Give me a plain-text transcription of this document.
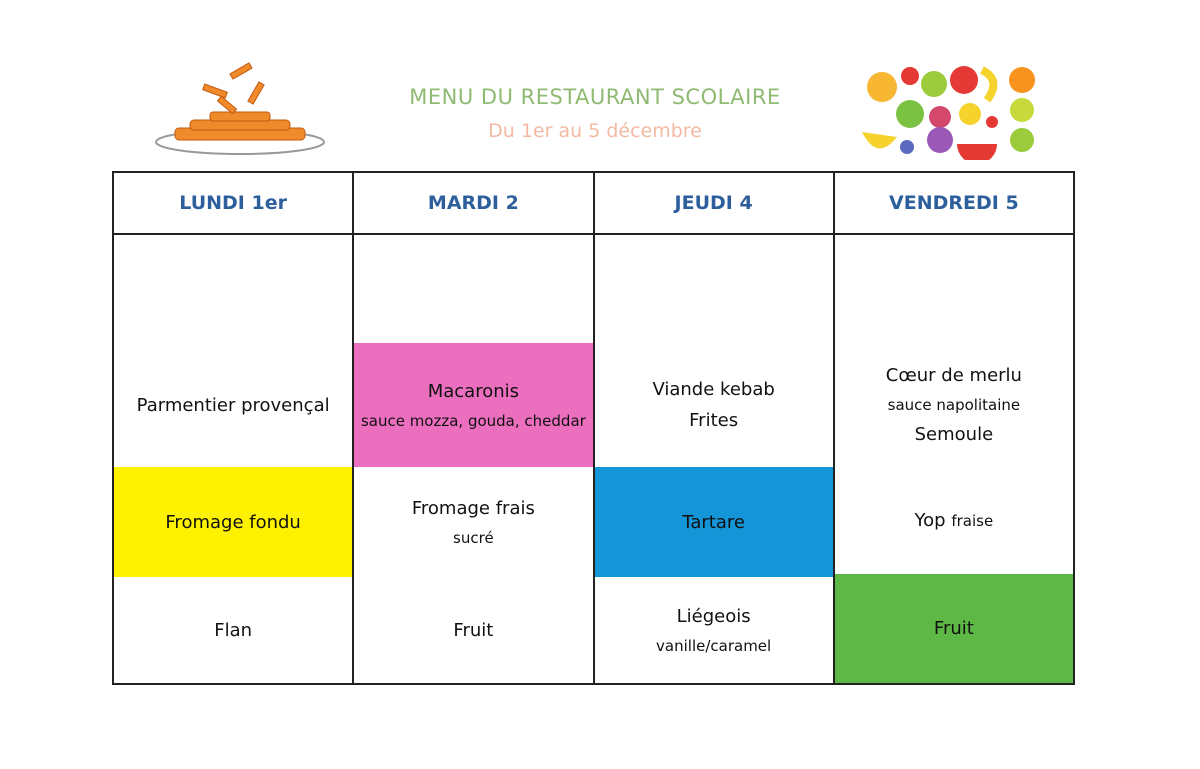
MENU DU RESTAURANT SCOLAIRE
Du 1er au 5 décembre
LUNDI 1er
Parmentier provençal
Fromage fondu
Flan
MARDI 2
Macaronis
sauce mozza, gouda, cheddar
Fromage frais
sucré
Fruit
JEUDI 4
Viande kebab
Frites
Tartare
Liégeois
vanille/caramel
VENDREDI 5
Cœur de merlu
sauce napolitaine
Semoule
Yop fraise
Fruit
